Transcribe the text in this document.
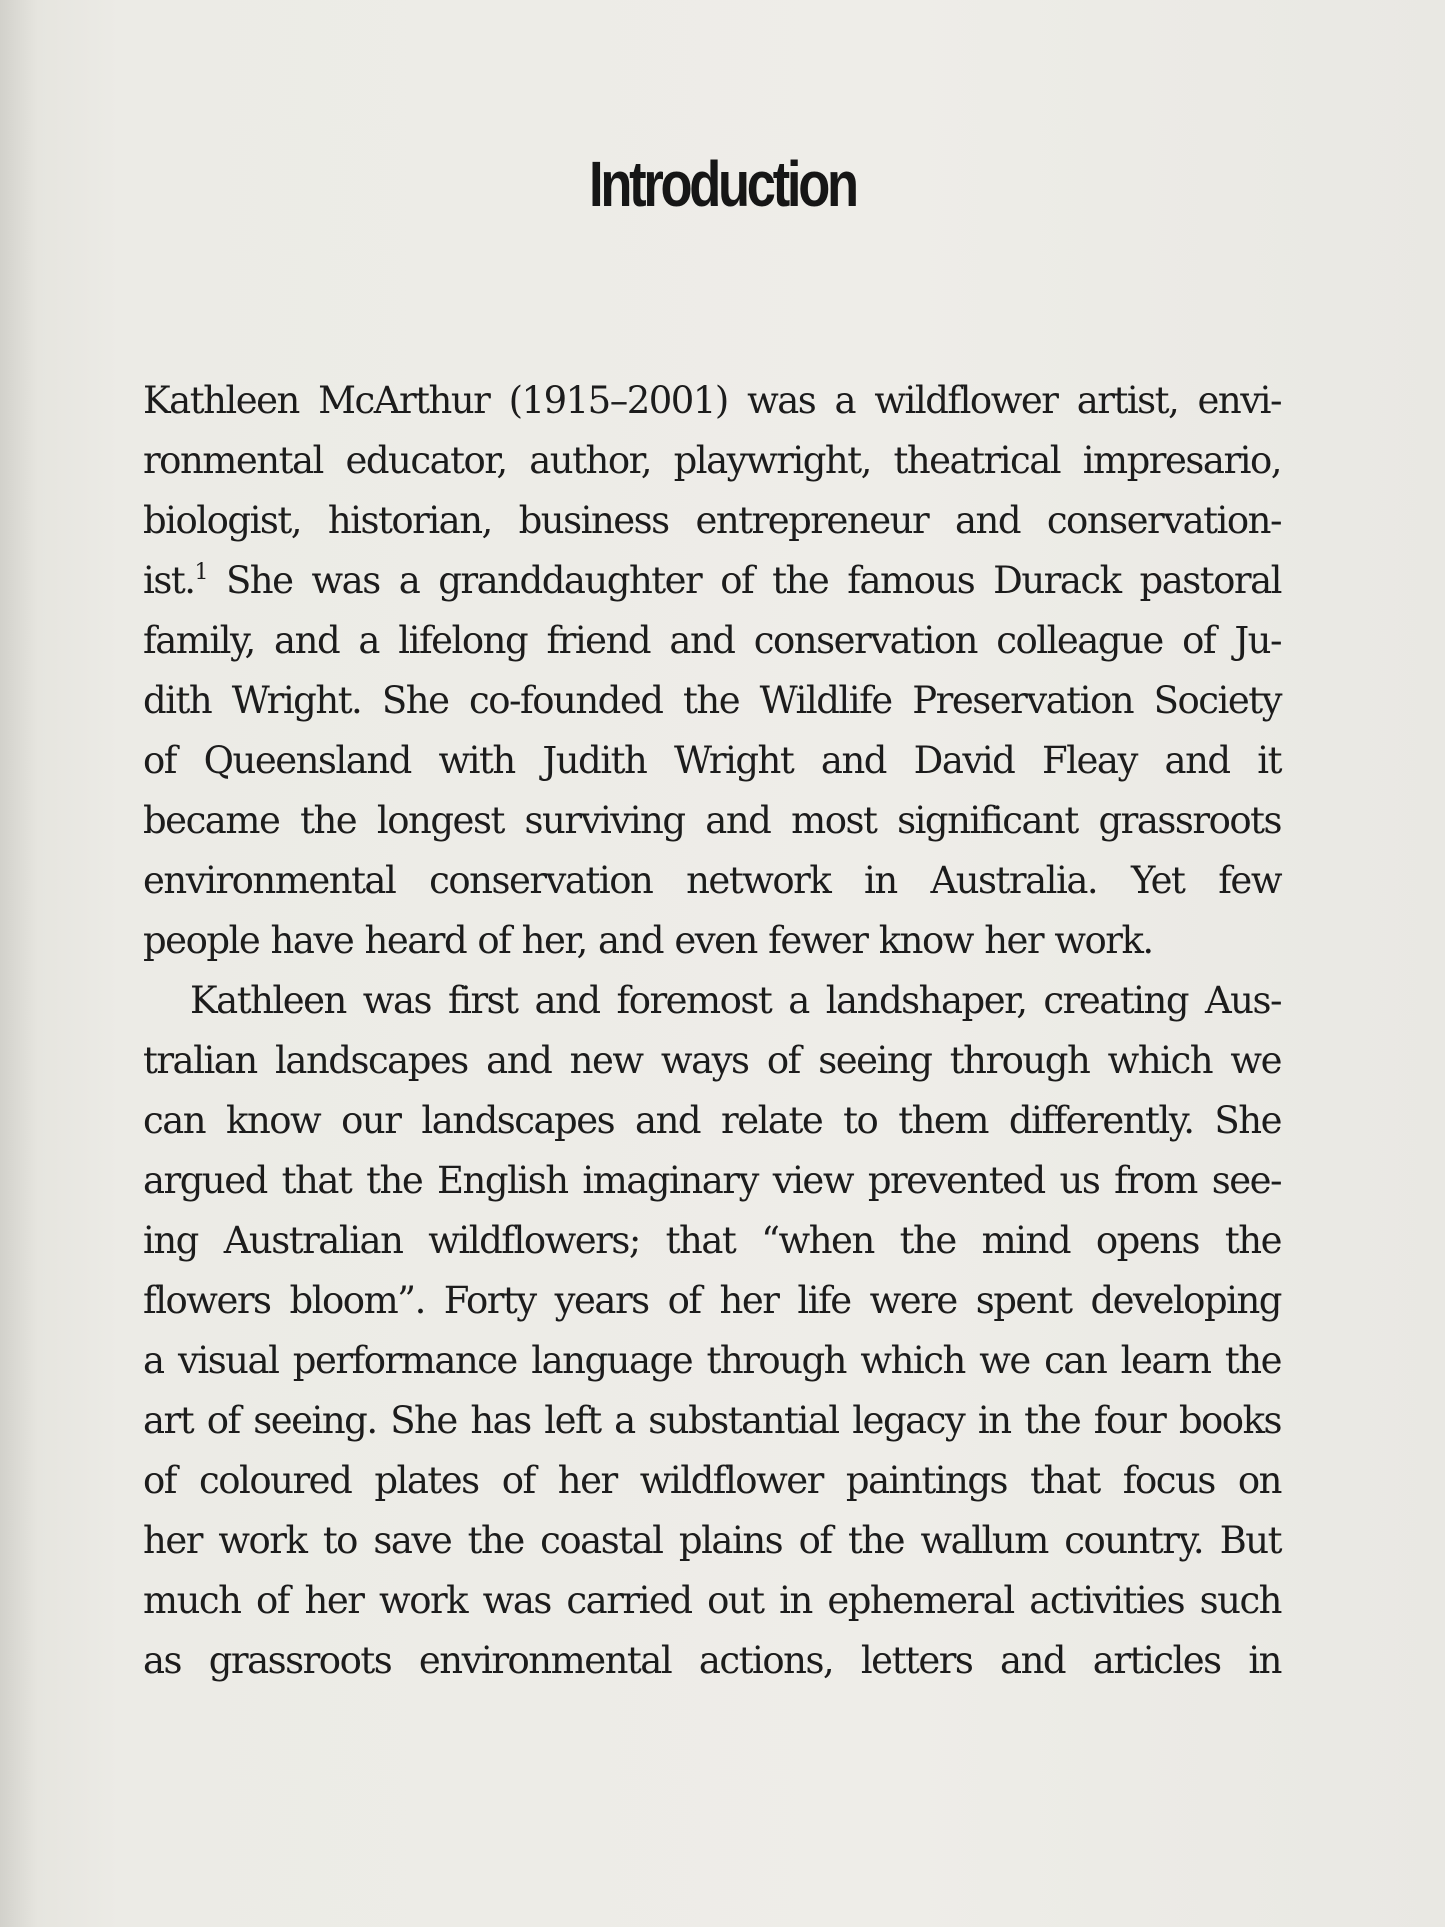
Introduction
Kathleen McArthur (1915–2001) was a wildflower artist, envi-
ronmental educator, author, playwright, theatrical impresario,
biologist, historian, business entrepreneur and conservation-
ist.$^1$ She was a granddaughter of the famous Durack pastoral
family, and a lifelong friend and conservation colleague of Ju-
dith Wright. She co-founded the Wildlife Preservation Society
of Queensland with Judith Wright and David Fleay and it
became the longest surviving and most significant grassroots
environmental conservation network in Australia. Yet few
people have heard of her, and even fewer know her work.
Kathleen was first and foremost a landshaper, creating Aus-
tralian landscapes and new ways of seeing through which we
can know our landscapes and relate to them differently. She
argued that the English imaginary view prevented us from see-
ing Australian wildflowers; that “when the mind opens the
flowers bloom”. Forty years of her life were spent developing
a visual performance language through which we can learn the
art of seeing. She has left a substantial legacy in the four books
of coloured plates of her wildflower paintings that focus on
her work to save the coastal plains of the wallum country. But
much of her work was carried out in ephemeral activities such
as grassroots environmental actions, letters and articles in
